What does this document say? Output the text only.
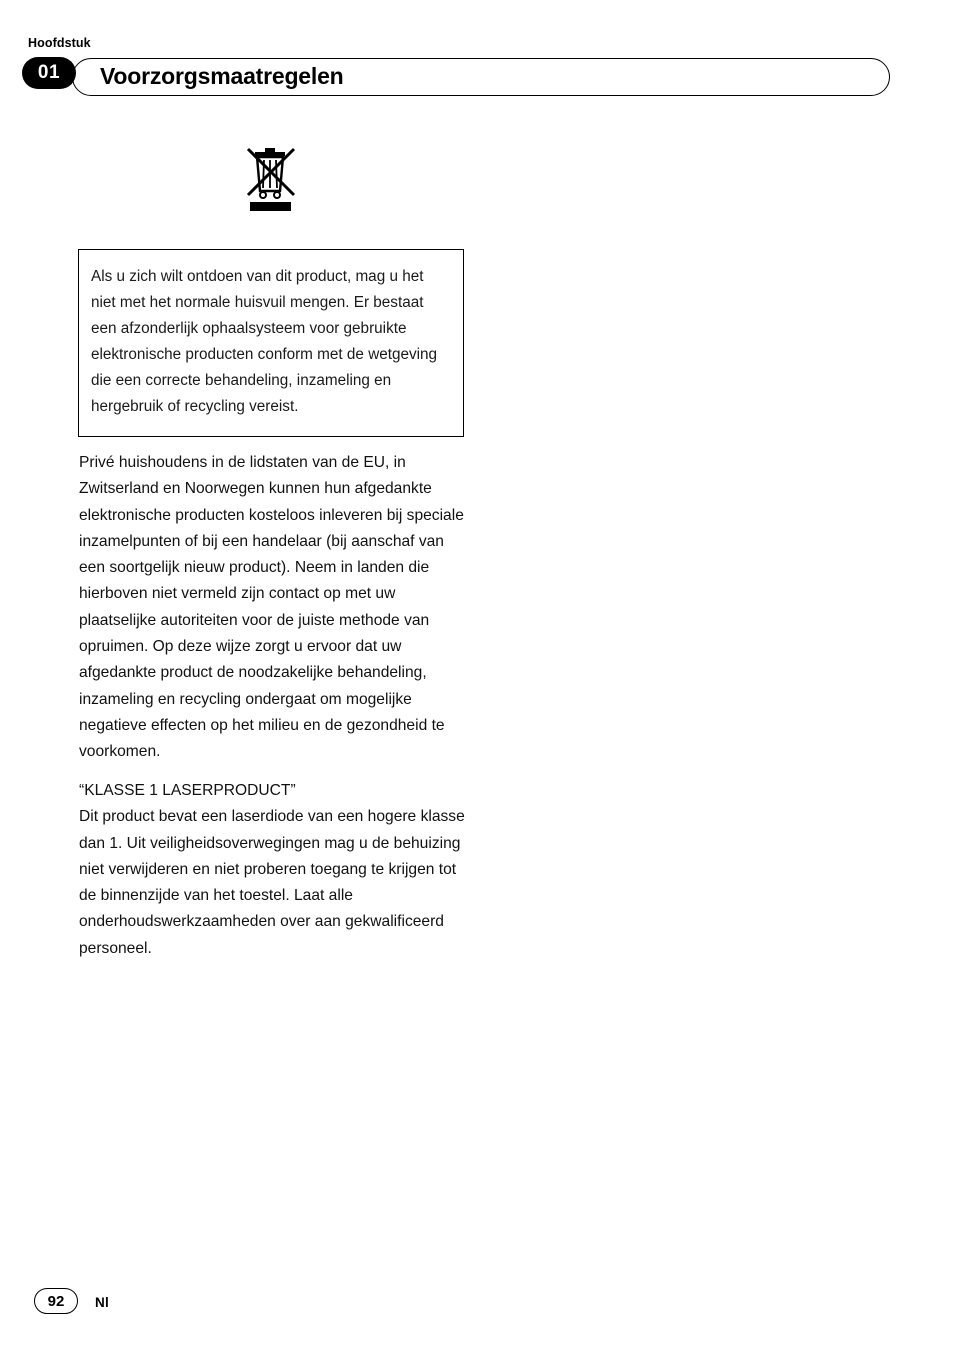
Hoofdstuk
01	Voorzorgsmaatregelen

Als u zich wilt ontdoen van dit product, mag u het niet met het normale huisvuil mengen. Er bestaat een afzonderlijk ophaalsysteem voor gebruikte elektronische producten conform met de wetgeving die een correcte behandeling, inzameling en hergebruik of recycling vereist.

Privé huishoudens in de lidstaten van de EU, in Zwitserland en Noorwegen kunnen hun afgedankte elektronische producten kosteloos inleveren bij speciale inzamelpunten of bij een handelaar (bij aanschaf van een soortgelijk nieuw product). Neem in landen die hierboven niet vermeld zijn contact op met uw plaatselijke autoriteiten voor de juiste methode van opruimen. Op deze wijze zorgt u ervoor dat uw afgedankte product de noodzakelijke behandeling, inzameling en recycling ondergaat om mogelijke negatieve effecten op het milieu en de gezondheid te voorkomen.

“KLASSE 1 LASERPRODUCT”

Dit product bevat een laserdiode van een hogere klasse dan 1. Uit veiligheidsoverwegingen mag u de behuizing niet verwijderen en niet proberen toegang te krijgen tot de binnenzijde van het toestel. Laat alle onderhoudswerkzaamheden over aan gekwalificeerd personeel.

92	Nl
